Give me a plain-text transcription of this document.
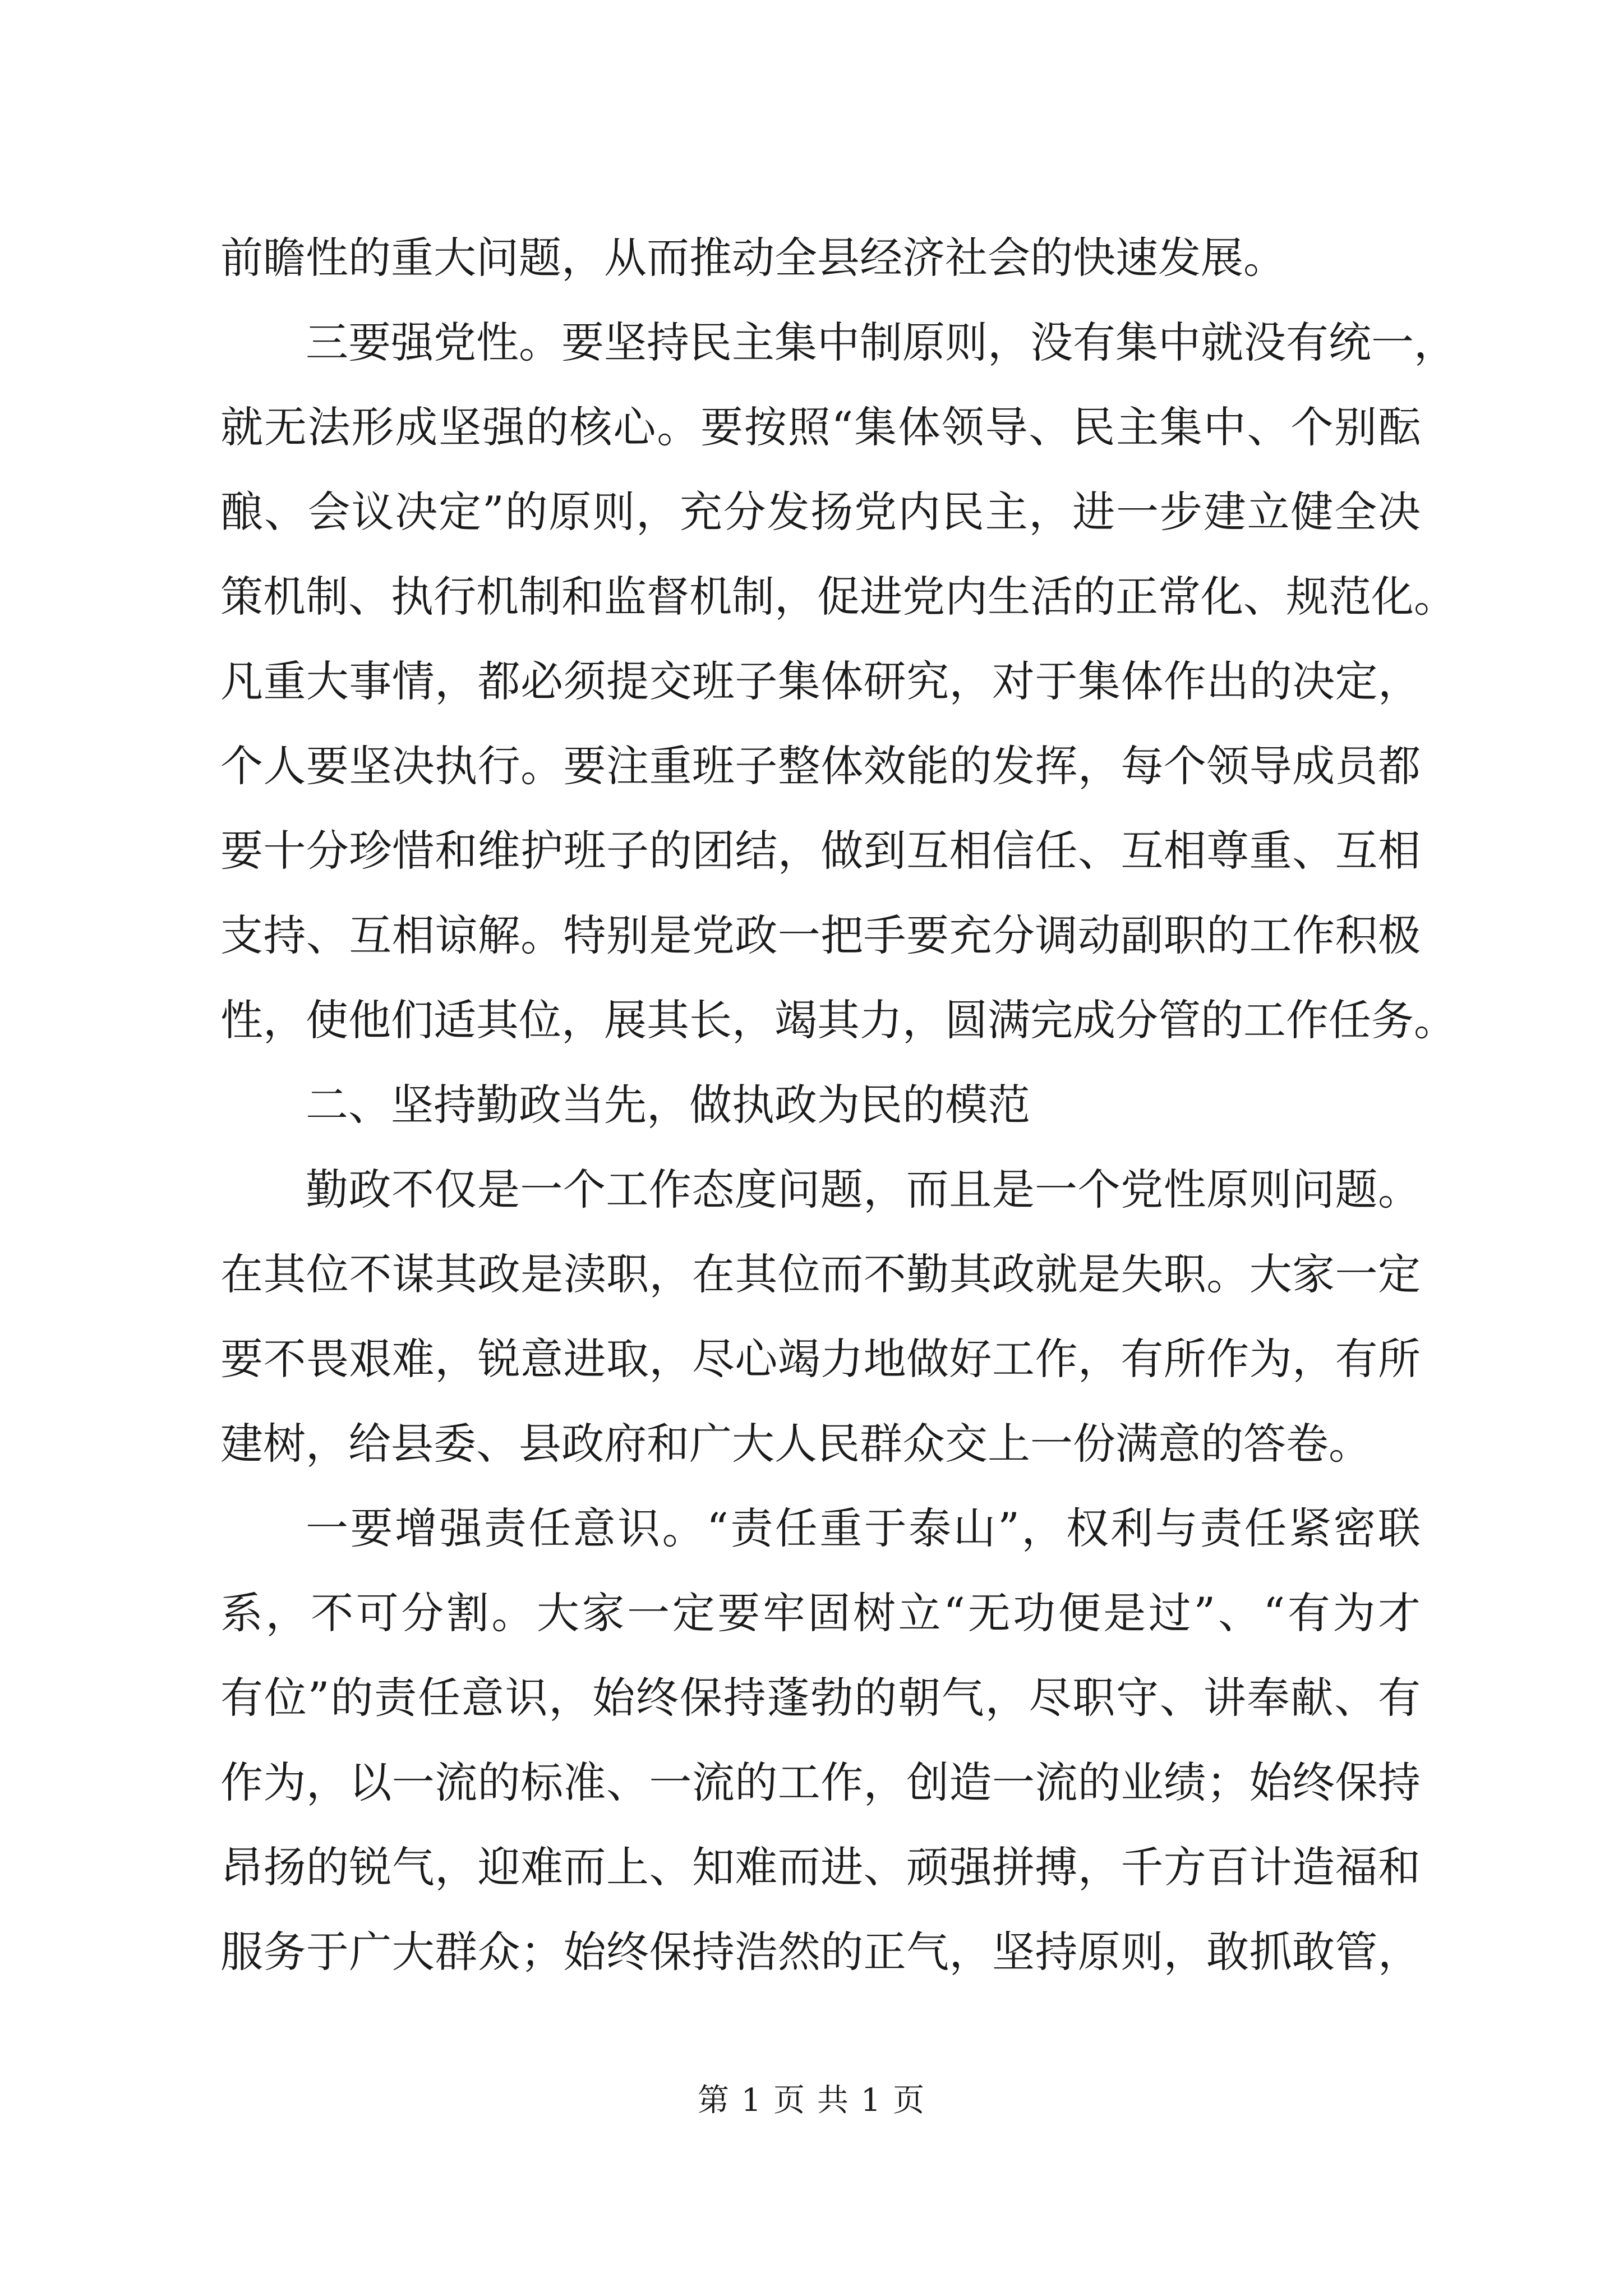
前瞻性的重大问题，从而推动全县经济社会的快速发展。
三要强党性。要坚持民主集中制原则，没有集中就没有统一，
就无法形成坚强的核心。要按照“集体领导、民主集中、个别酝
酿、会议决定”的原则，充分发扬党内民主，进一步建立健全决
策机制、执行机制和监督机制，促进党内生活的正常化、规范化。
凡重大事情，都必须提交班子集体研究，对于集体作出的决定，
个人要坚决执行。要注重班子整体效能的发挥，每个领导成员都
要十分珍惜和维护班子的团结，做到互相信任、互相尊重、互相
支持、互相谅解。特别是党政一把手要充分调动副职的工作积极
性，使他们适其位，展其长，竭其力，圆满完成分管的工作任务。
二、坚持勤政当先，做执政为民的模范
勤政不仅是一个工作态度问题，而且是一个党性原则问题。
在其位不谋其政是渎职，在其位而不勤其政就是失职。大家一定
要不畏艰难，锐意进取，尽心竭力地做好工作，有所作为，有所
建树，给县委、县政府和广大人民群众交上一份满意的答卷。
一要增强责任意识。“责任重于泰山”，权利与责任紧密联
系，不可分割。大家一定要牢固树立“无功便是过”、“有为才
有位”的责任意识，始终保持蓬勃的朝气，尽职守、讲奉献、有
作为，以一流的标准、一流的工作，创造一流的业绩；始终保持
昂扬的锐气，迎难而上、知难而进、顽强拼搏，千方百计造福和
服务于广大群众；始终保持浩然的正气，坚持原则，敢抓敢管，
第 1 页 共 1 页
